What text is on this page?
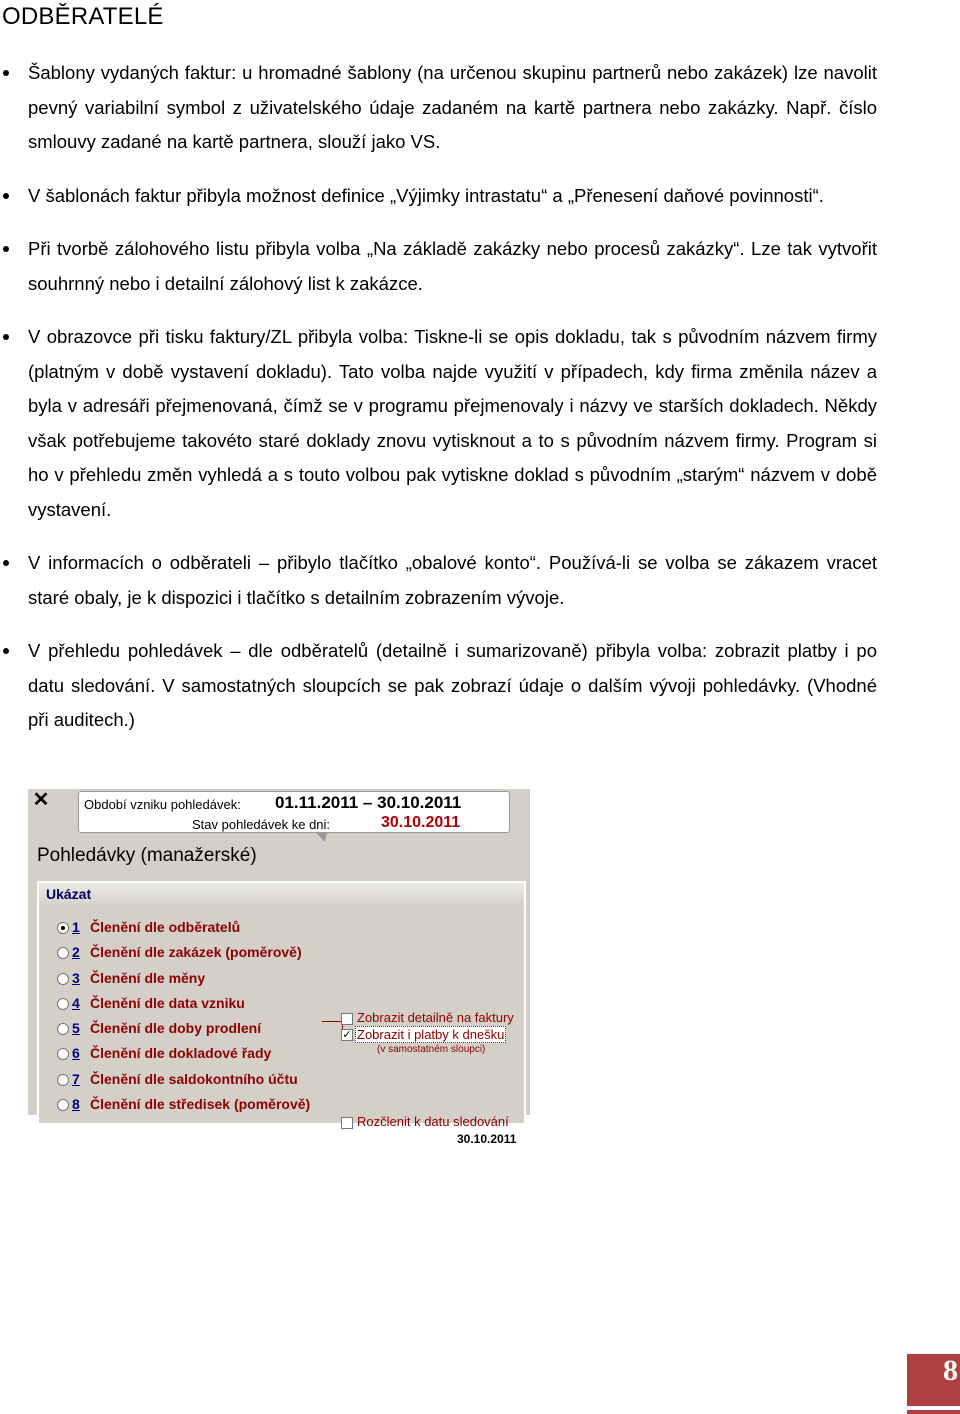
ODBĚRATELÉ
Šablony vydaných faktur: u hromadné šablony (na určenou skupinu partnerů nebo zakázek) lze navolit pevný variabilní symbol z uživatelského údaje zadaném na kartě partnera nebo zakázky. Např. číslo smlouvy zadané na kartě partnera, slouží jako VS.
V šablonách faktur přibyla možnost definice „Výjimky intrastatu“ a „Přenesení daňové povinnosti“.
Při tvorbě zálohového listu přibyla volba „Na základě zakázky nebo procesů zakázky“. Lze tak vytvořit souhrnný nebo i detailní zálohový list k zakázce.
V obrazovce při tisku faktury/ZL přibyla volba: Tiskne-li se opis dokladu, tak s původním názvem firmy (platným v době vystavení dokladu). Tato volba najde využití v případech, kdy firma změnila název a byla v adresáři přejmenovaná, čímž se v programu přejmenovaly i názvy ve starších dokladech. Někdy však potřebujeme takovéto staré doklady znovu vytisknout a to s původním názvem firmy. Program si ho v přehledu změn vyhledá a s touto volbou pak vytiskne doklad s původním „starým“ názvem v době vystavení.
V informacích o odběrateli – přibylo tlačítko „obalové konto“. Používá-li se volba se zákazem vracet staré obaly, je k dispozici i tlačítko s detailním zobrazením vývoje.
V přehledu pohledávek – dle odběratelů (detailně i sumarizovaně) přibyla volba: zobrazit platby i po datu sledování. V samostatných sloupcích se pak zobrazí údaje o dalším vývoji pohledávky. (Vhodné při auditech.)
✕	Období vzniku pohledávek: 01.11.2011 – 30.10.2011
Stav pohledávek ke dni:	30.10.2011
Pohledávky (manažerské)
Ukázat
1 Členění dle odběratelů
2 Členění dle zakázek (poměrově)
3 Členění dle měny
4 Členění dle data vzniku
5 Členění dle doby prodlení
6 Členění dle dokladové řady
7 Členění dle saldokontního účtu
8 Členění dle středisek (poměrově)
Zobrazit detailně na faktury
✓ Zobrazit i platby k dnešku
(v samostatném sloupci)
Rozčlenit k datu sledování
30.10.2011
8
